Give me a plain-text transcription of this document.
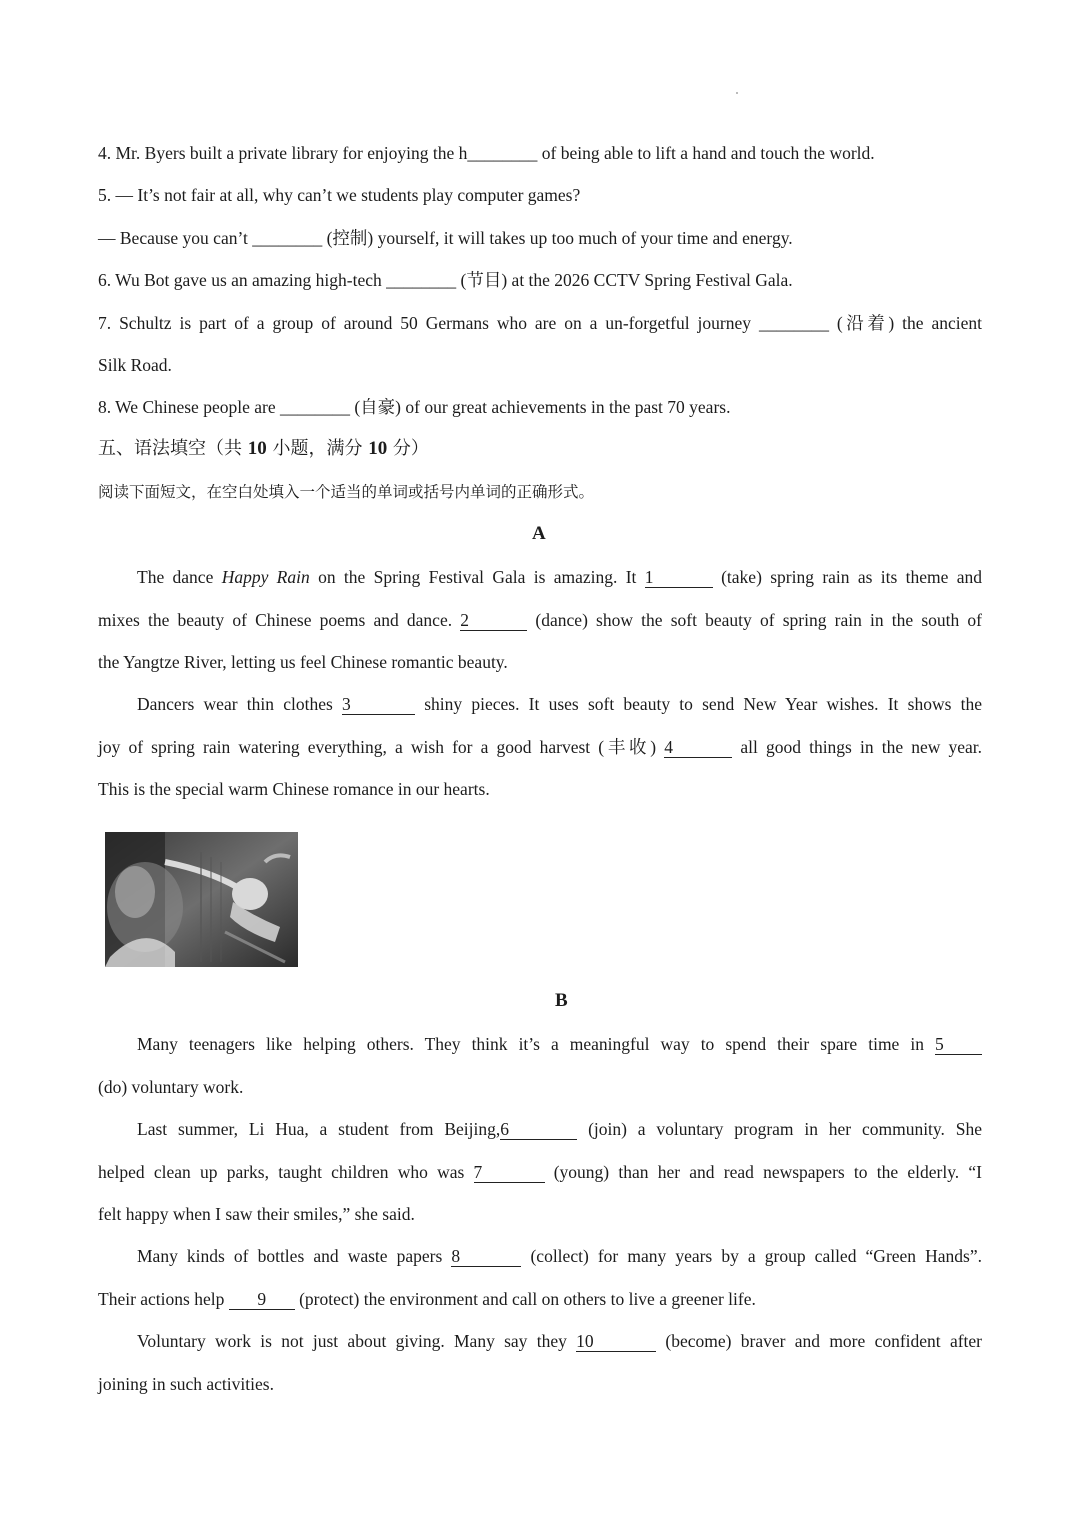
4. Mr. Byers built a private library for enjoying the h________ of being able to lift a hand and touch the world.
5. — It’s not fair at all, why can’t we students play computer games?
— Because you can’t ________ (控制) yourself, it will takes up too much of your time and energy.
6. Wu Bot gave us an amazing high-tech ________ (节目) at the 2026 CCTV Spring Festival Gala.
7. Schultz is part of a group of around 50 Germans who are on a un-forgetful journey ________ (沿着) the ancient
Silk Road.
8. We Chinese people are ________ (自豪) of our great achievements in the past 70 years.
五、语法填空（共 10 小题，满分 10 分）
阅读下面短文，在空白处填入一个适当的单词或括号内单词的正确形式。
A
The dance Happy Rain on the Spring Festival Gala is amazing. It 1	(take) spring rain as its theme and
mixes the beauty of Chinese poems and dance. 2	(dance) show the soft beauty of spring rain in the south of
the Yangtze River, letting us feel Chinese romantic beauty.
Dancers wear thin clothes 3	shiny pieces. It uses soft beauty to send New Year wishes. It shows the
joy of spring rain watering everything, a wish for a good harvest (丰收) 4	all good things in the new year.
This is the special warm Chinese romance in our hearts.
B
Many teenagers like helping others. They think it’s a meaningful way to spend their spare time in 5
(do) voluntary work.
Last summer, Li Hua, a student from Beijing,6	(join) a voluntary program in her community. She
helped clean up parks, taught children who was 7	(young) than her and read newspapers to the elderly. “I
felt happy when I saw their smiles,” she said.
Many kinds of bottles and waste papers 8	(collect) for many years by a group called “Green Hands”.
Their actions help 9 (protect) the environment and call on others to live a greener life.
Voluntary work is not just about giving. Many say they 10	(become) braver and more confident after
joining in such activities.
